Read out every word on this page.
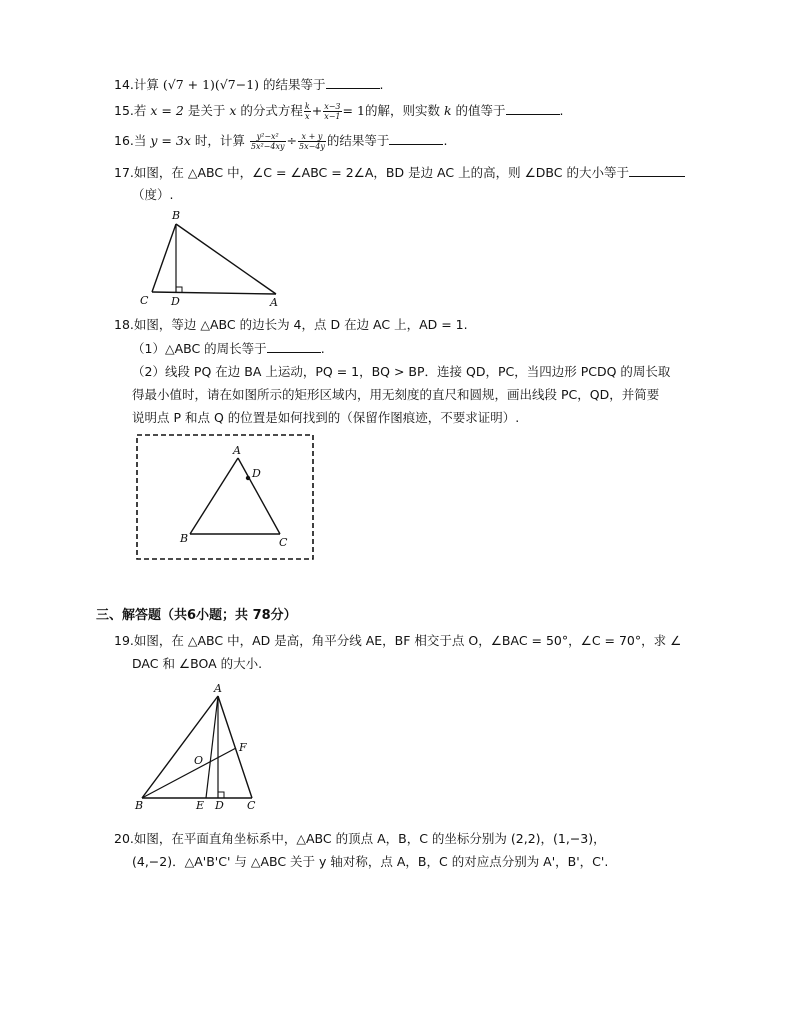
14.计算 (√7 + 1)(√7−1) 的结果等于	.
15.若 x = 2 是关于 x 的分式方程 $\frac{k}{x} + \frac{x-3}{x-1} = 1$的解，则实数 k 的值等于	.
16.当 y = 3x 时，计算 $\frac{\text{y²−x²}}{\text{5x²−4xy}} \div \frac{x + y}{5x-4y}$ 的结果等于	.
17.如图，在 △ABC 中，∠C = ∠ABC = 2∠A，BD 是边 AC 上的高，则 ∠DBC 的大小等于
（度）.
B
C D	A
18.如图，等边 △ABC 的边长为 4，点 D 在边 AC 上，AD = 1.
（1）△ABC 的周长等于	.
（2）线段 PQ 在边 BA 上运动，PQ = 1，BQ > BP．连接 QD，PC，当四边形 PCDQ 的周长取
得最小值时，请在如图所示的矩形区域内，用无刻度的直尺和圆规，画出线段 PC，QD，并简要
说明点 P 和点 Q 的位置是如何找到的（保留作图痕迹，不要求证明）.
A
D
B	C
三、解答题（共6小题；共 78分）
19.如图，在 △ABC 中，AD 是高，角平分线 AE，BF 相交于点 O，∠BAC = 50°，∠C = 70°，求 ∠
DAC 和 ∠BOA 的大小.
A
F
O
B	E D C
20.如图，在平面直角坐标系中，△ABC 的顶点 A，B，C 的坐标分别为 (2,2)，(1,−3)，
(4,−2)．△A'B'C' 与 △ABC 关于 y 轴对称，点 A，B，C 的对应点分别为 A'，B'，C'.
